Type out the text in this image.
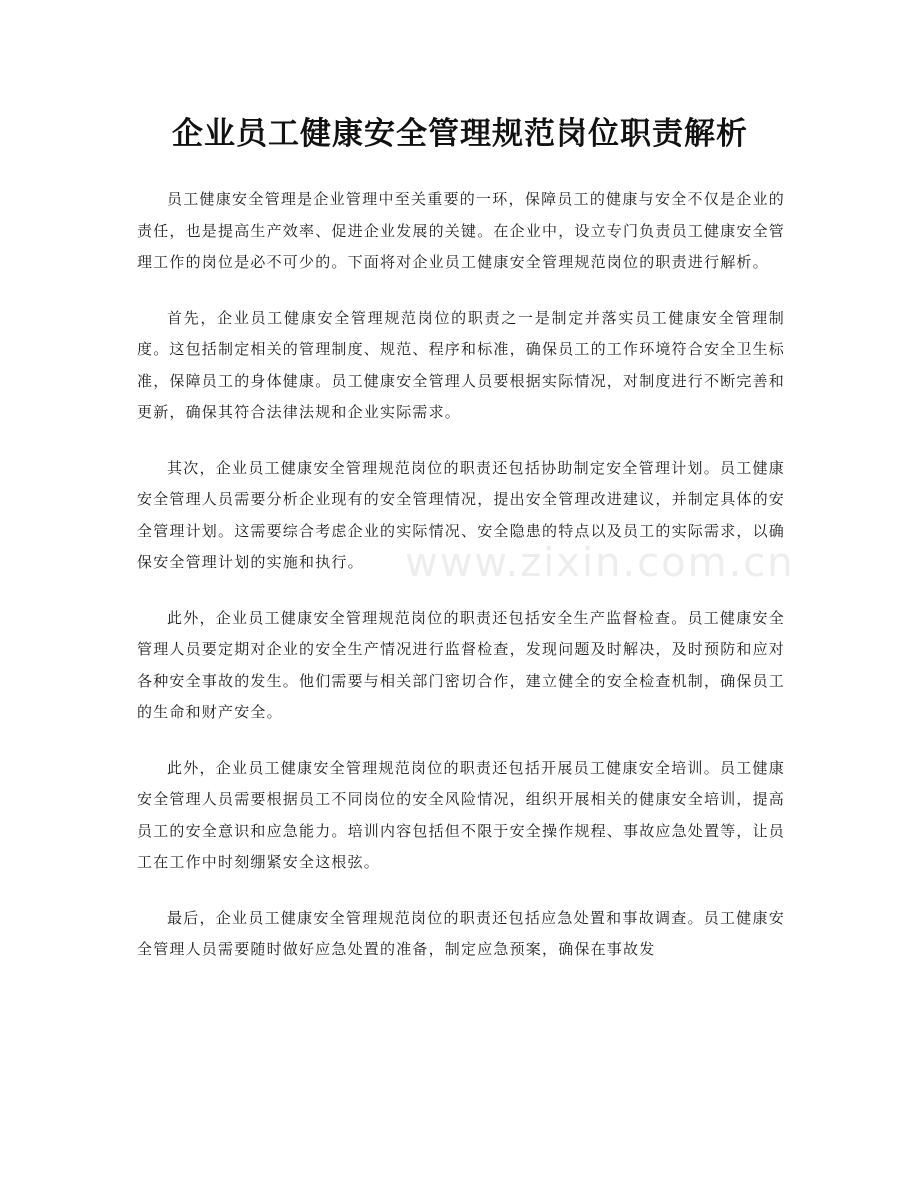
企业员工健康安全管理规范岗位职责解析

员工健康安全管理是企业管理中至关重要的一环，保障员工的健康与安全不仅是企业的责任，也是提高生产效率、促进企业发展的关键。在企业中，设立专门负责员工健康安全管理工作的岗位是必不可少的。下面将对企业员工健康安全管理规范岗位的职责进行解析。

首先，企业员工健康安全管理规范岗位的职责之一是制定并落实员工健康安全管理制度。这包括制定相关的管理制度、规范、程序和标准，确保员工的工作环境符合安全卫生标准，保障员工的身体健康。员工健康安全管理人员要根据实际情况，对制度进行不断完善和更新，确保其符合法律法规和企业实际需求。

其次，企业员工健康安全管理规范岗位的职责还包括协助制定安全管理计划。员工健康安全管理人员需要分析企业现有的安全管理情况，提出安全管理改进建议，并制定具体的安全管理计划。这需要综合考虑企业的实际情况、安全隐患的特点以及员工的实际需求，以确保安全管理计划的实施和执行。

此外，企业员工健康安全管理规范岗位的职责还包括安全生产监督检查。员工健康安全管理人员要定期对企业的安全生产情况进行监督检查，发现问题及时解决，及时预防和应对各种安全事故的发生。他们需要与相关部门密切合作，建立健全的安全检查机制，确保员工的生命和财产安全。

此外，企业员工健康安全管理规范岗位的职责还包括开展员工健康安全培训。员工健康安全管理人员需要根据员工不同岗位的安全风险情况，组织开展相关的健康安全培训，提高员工的安全意识和应急能力。培训内容包括但不限于安全操作规程、事故应急处置等，让员工在工作中时刻绷紧安全这根弦。

最后，企业员工健康安全管理规范岗位的职责还包括应急处置和事故调查。员工健康安全管理人员需要随时做好应急处置的准备，制定应急预案，确保在事故发

www.zixin.com.cn
